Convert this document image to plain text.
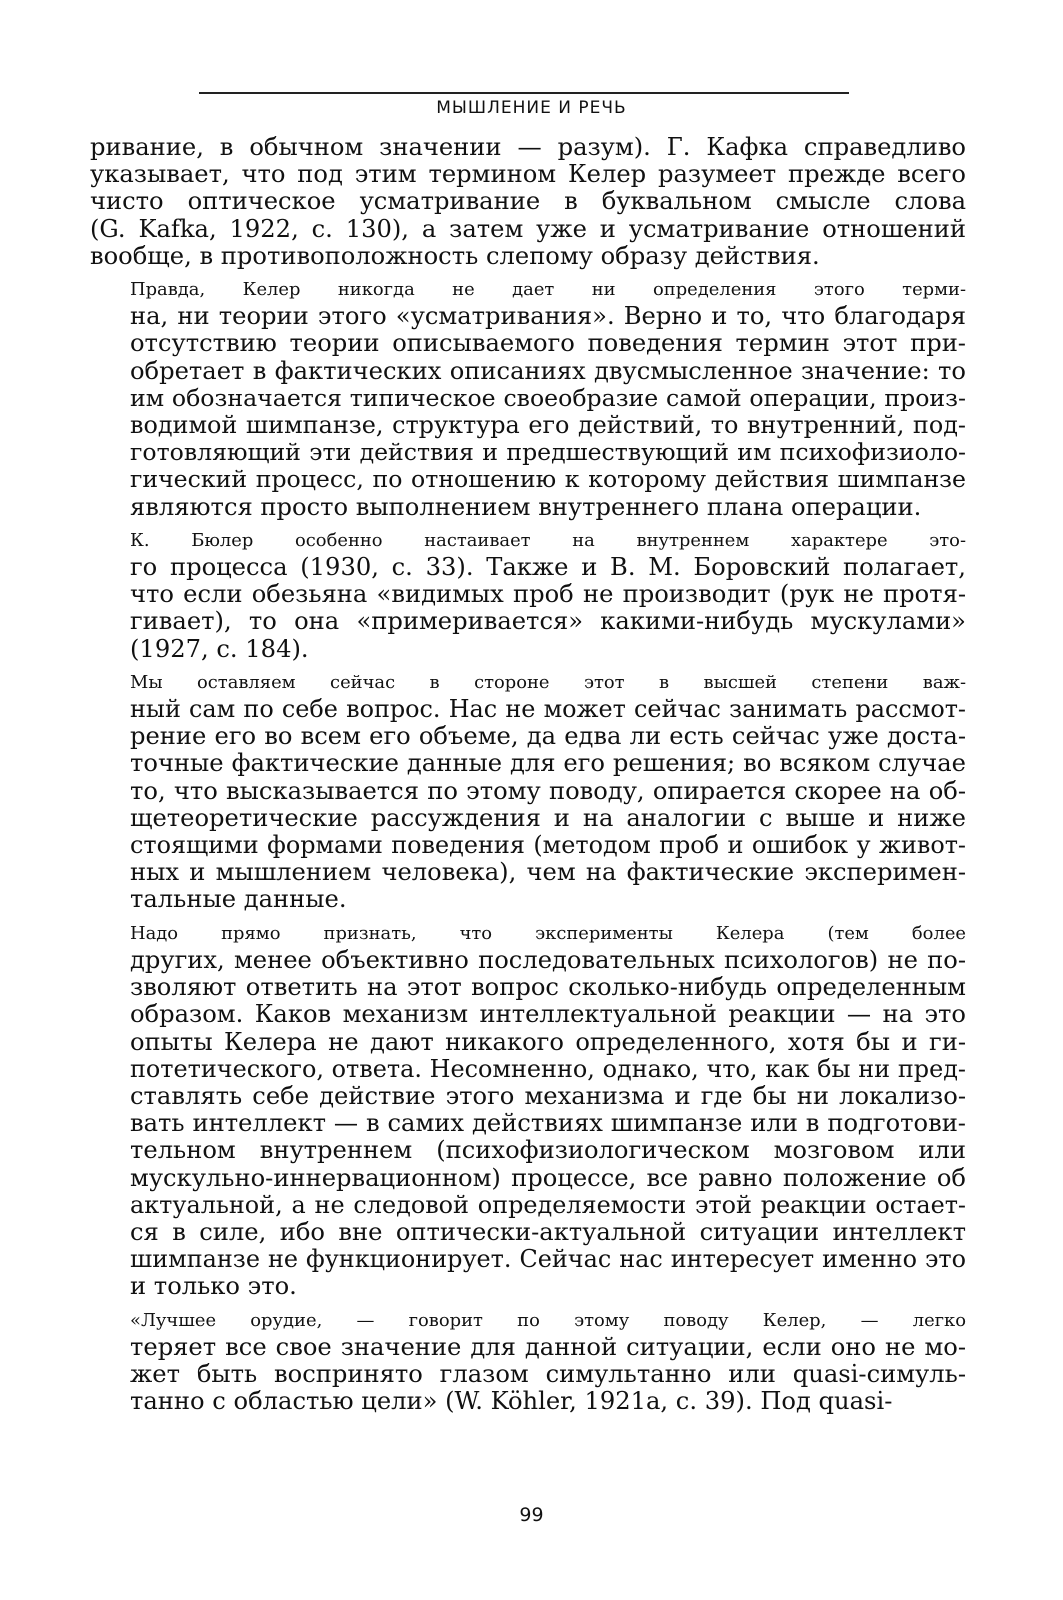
МЫШЛЕНИЕ И РЕЧЬ
ривание, в обычном значении — разум). Г. Кафка справедливо
указывает, что под этим термином Келер разумеет прежде всего
чисто оптическое усматривание в буквальном смысле слова
(G. Kafka, 1922, с. 130), а затем уже и усматривание отношений
вообще, в противоположность слепому образу действия.
Правда, Келер никогда не дает ни определения этого терми-
на, ни теории этого «усматривания». Верно и то, что благодаря
отсутствию теории описываемого поведения термин этот при-
обретает в фактических описаниях двусмысленное значение: то
им обозначается типическое своеобразие самой операции, произ-
водимой шимпанзе, структура его действий, то внутренний, под-
готовляющий эти действия и предшествующий им психофизиоло-
гический процесс, по отношению к которому действия шимпанзе
являются просто выполнением внутреннего плана операции.
К. Бюлер особенно настаивает на внутреннем характере это-
го процесса (1930, с. 33). Также и В. М. Боровский полагает,
что если обезьяна «видимых проб не производит (рук не протя-
гивает), то она «примеривается» какими-нибудь мускулами»
(1927, с. 184).
Мы оставляем сейчас в стороне этот в высшей степени важ-
ный сам по себе вопрос. Нас не может сейчас занимать рассмот-
рение его во всем его объеме, да едва ли есть сейчас уже доста-
точные фактические данные для его решения; во всяком случае
то, что высказывается по этому поводу, опирается скорее на об-
щетеоретические рассуждения и на аналогии с выше и ниже
стоящими формами поведения (методом проб и ошибок у живот-
ных и мышлением человека), чем на фактические эксперимен-
тальные данные.
Надо прямо признать, что эксперименты Келера (тем более
других, менее объективно последовательных психологов) не по-
зволяют ответить на этот вопрос сколько-нибудь определенным
образом. Каков механизм интеллектуальной реакции — на это
опыты Келера не дают никакого определенного, хотя бы и ги-
потетического, ответа. Несомненно, однако, что, как бы ни пред-
ставлять себе действие этого механизма и где бы ни локализо-
вать интеллект — в самих действиях шимпанзе или в подготови-
тельном внутреннем (психофизиологическом мозговом или
мускульно-иннервационном) процессе, все равно положение об
актуальной, а не следовой определяемости этой реакции остает-
ся в силе, ибо вне оптически-актуальной ситуации интеллект
шимпанзе не функционирует. Сейчас нас интересует именно это
и только это.
«Лучшее орудие, — говорит по этому поводу Келер, — легко
теряет все свое значение для данной ситуации, если оно не мо-
жет быть воспринято глазом симультанно или quasi-симуль-
танно с областью цели» (W. Köhler, 1921a, с. 39). Под quasi-
99
